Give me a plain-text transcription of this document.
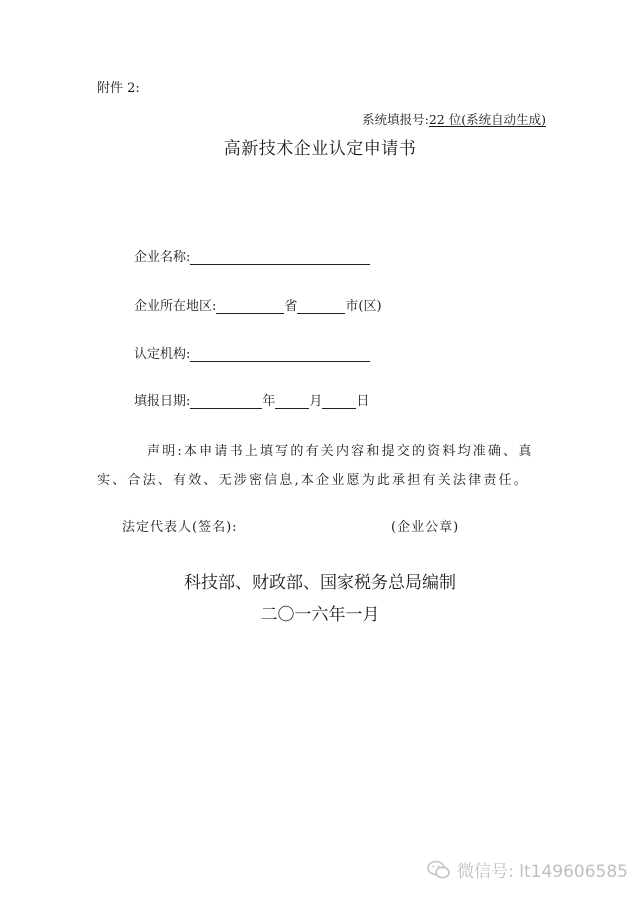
附件 2:
系统填报号:22 位(系统自动生成)
高新技术企业认定申请书
企业名称:
企业所在地区:	省	市(区)
认定机构:
填报日期:	年	月	日
声明:本申请书上填写的有关内容和提交的资料均准确、真
实、合法、有效、无涉密信息,本企业愿为此承担有关法律责任。
法定代表人(签名):	(企业公章)
科技部、财政部、国家税务总局编制
二〇一六年一月
微信号: lt149606585
